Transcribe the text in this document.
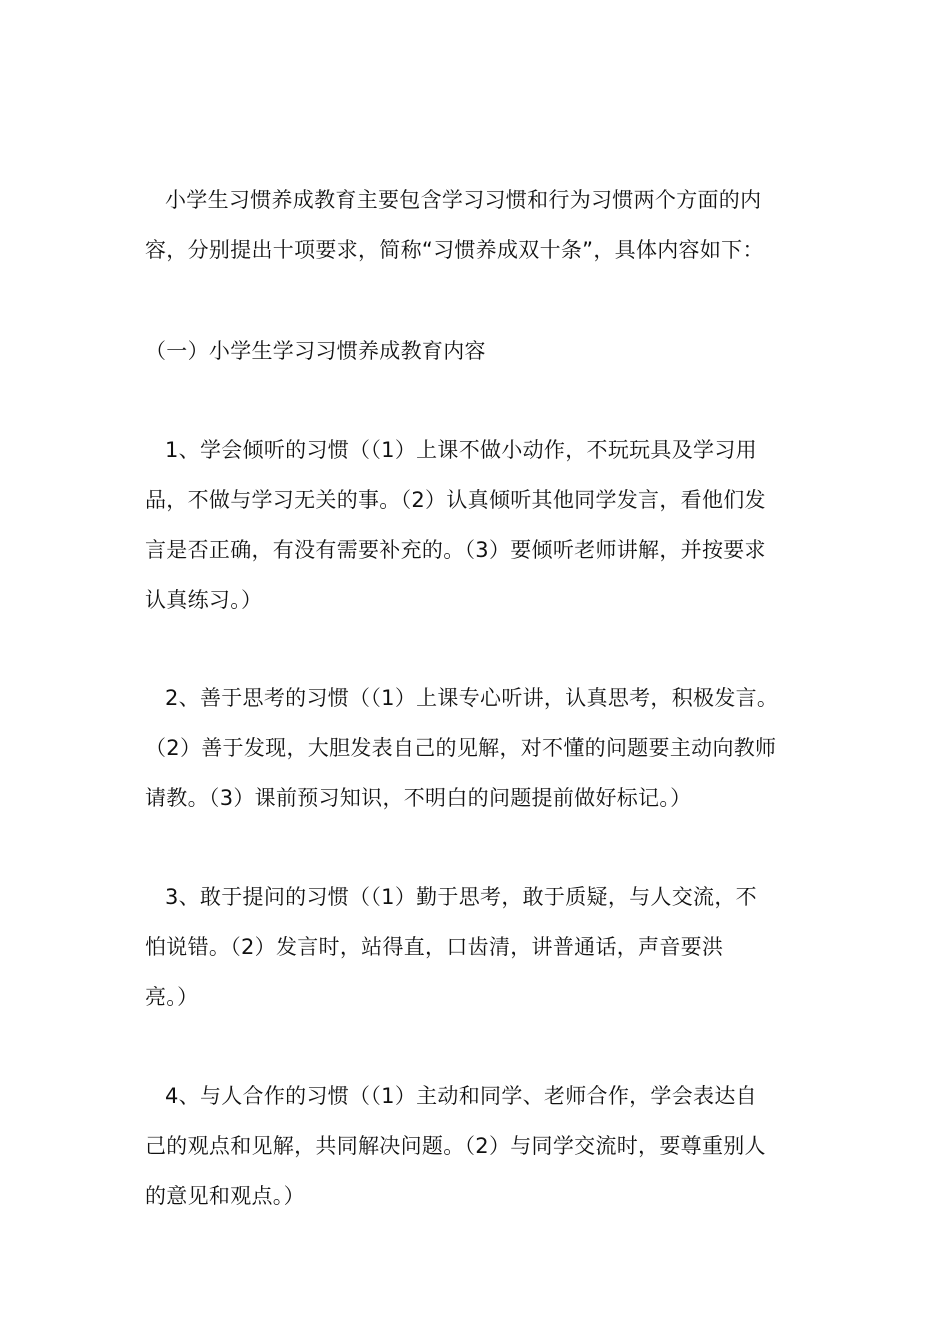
小学生习惯养成教育主要包含学习习惯和行为习惯两个方面的内

容，分别提出十项要求，简称“习惯养成双十条”，具体内容如下：

（一）小学生学习习惯养成教育内容

1、学会倾听的习惯（（1）上课不做小动作，不玩玩具及学习用

品，不做与学习无关的事。（2）认真倾听其他同学发言，看他们发

言是否正确，有没有需要补充的。（3）要倾听老师讲解，并按要求

认真练习。）

2、善于思考的习惯（（1）上课专心听讲，认真思考，积极发言。

（2）善于发现，大胆发表自己的见解，对不懂的问题要主动向教师

请教。（3）课前预习知识，不明白的问题提前做好标记。）

3、敢于提问的习惯（（1）勤于思考，敢于质疑，与人交流，不

怕说错。（2）发言时，站得直，口齿清，讲普通话，声音要洪

亮。）

4、与人合作的习惯（（1）主动和同学、老师合作，学会表达自

己的观点和见解，共同解决问题。（2）与同学交流时，要尊重别人

的意见和观点。）
